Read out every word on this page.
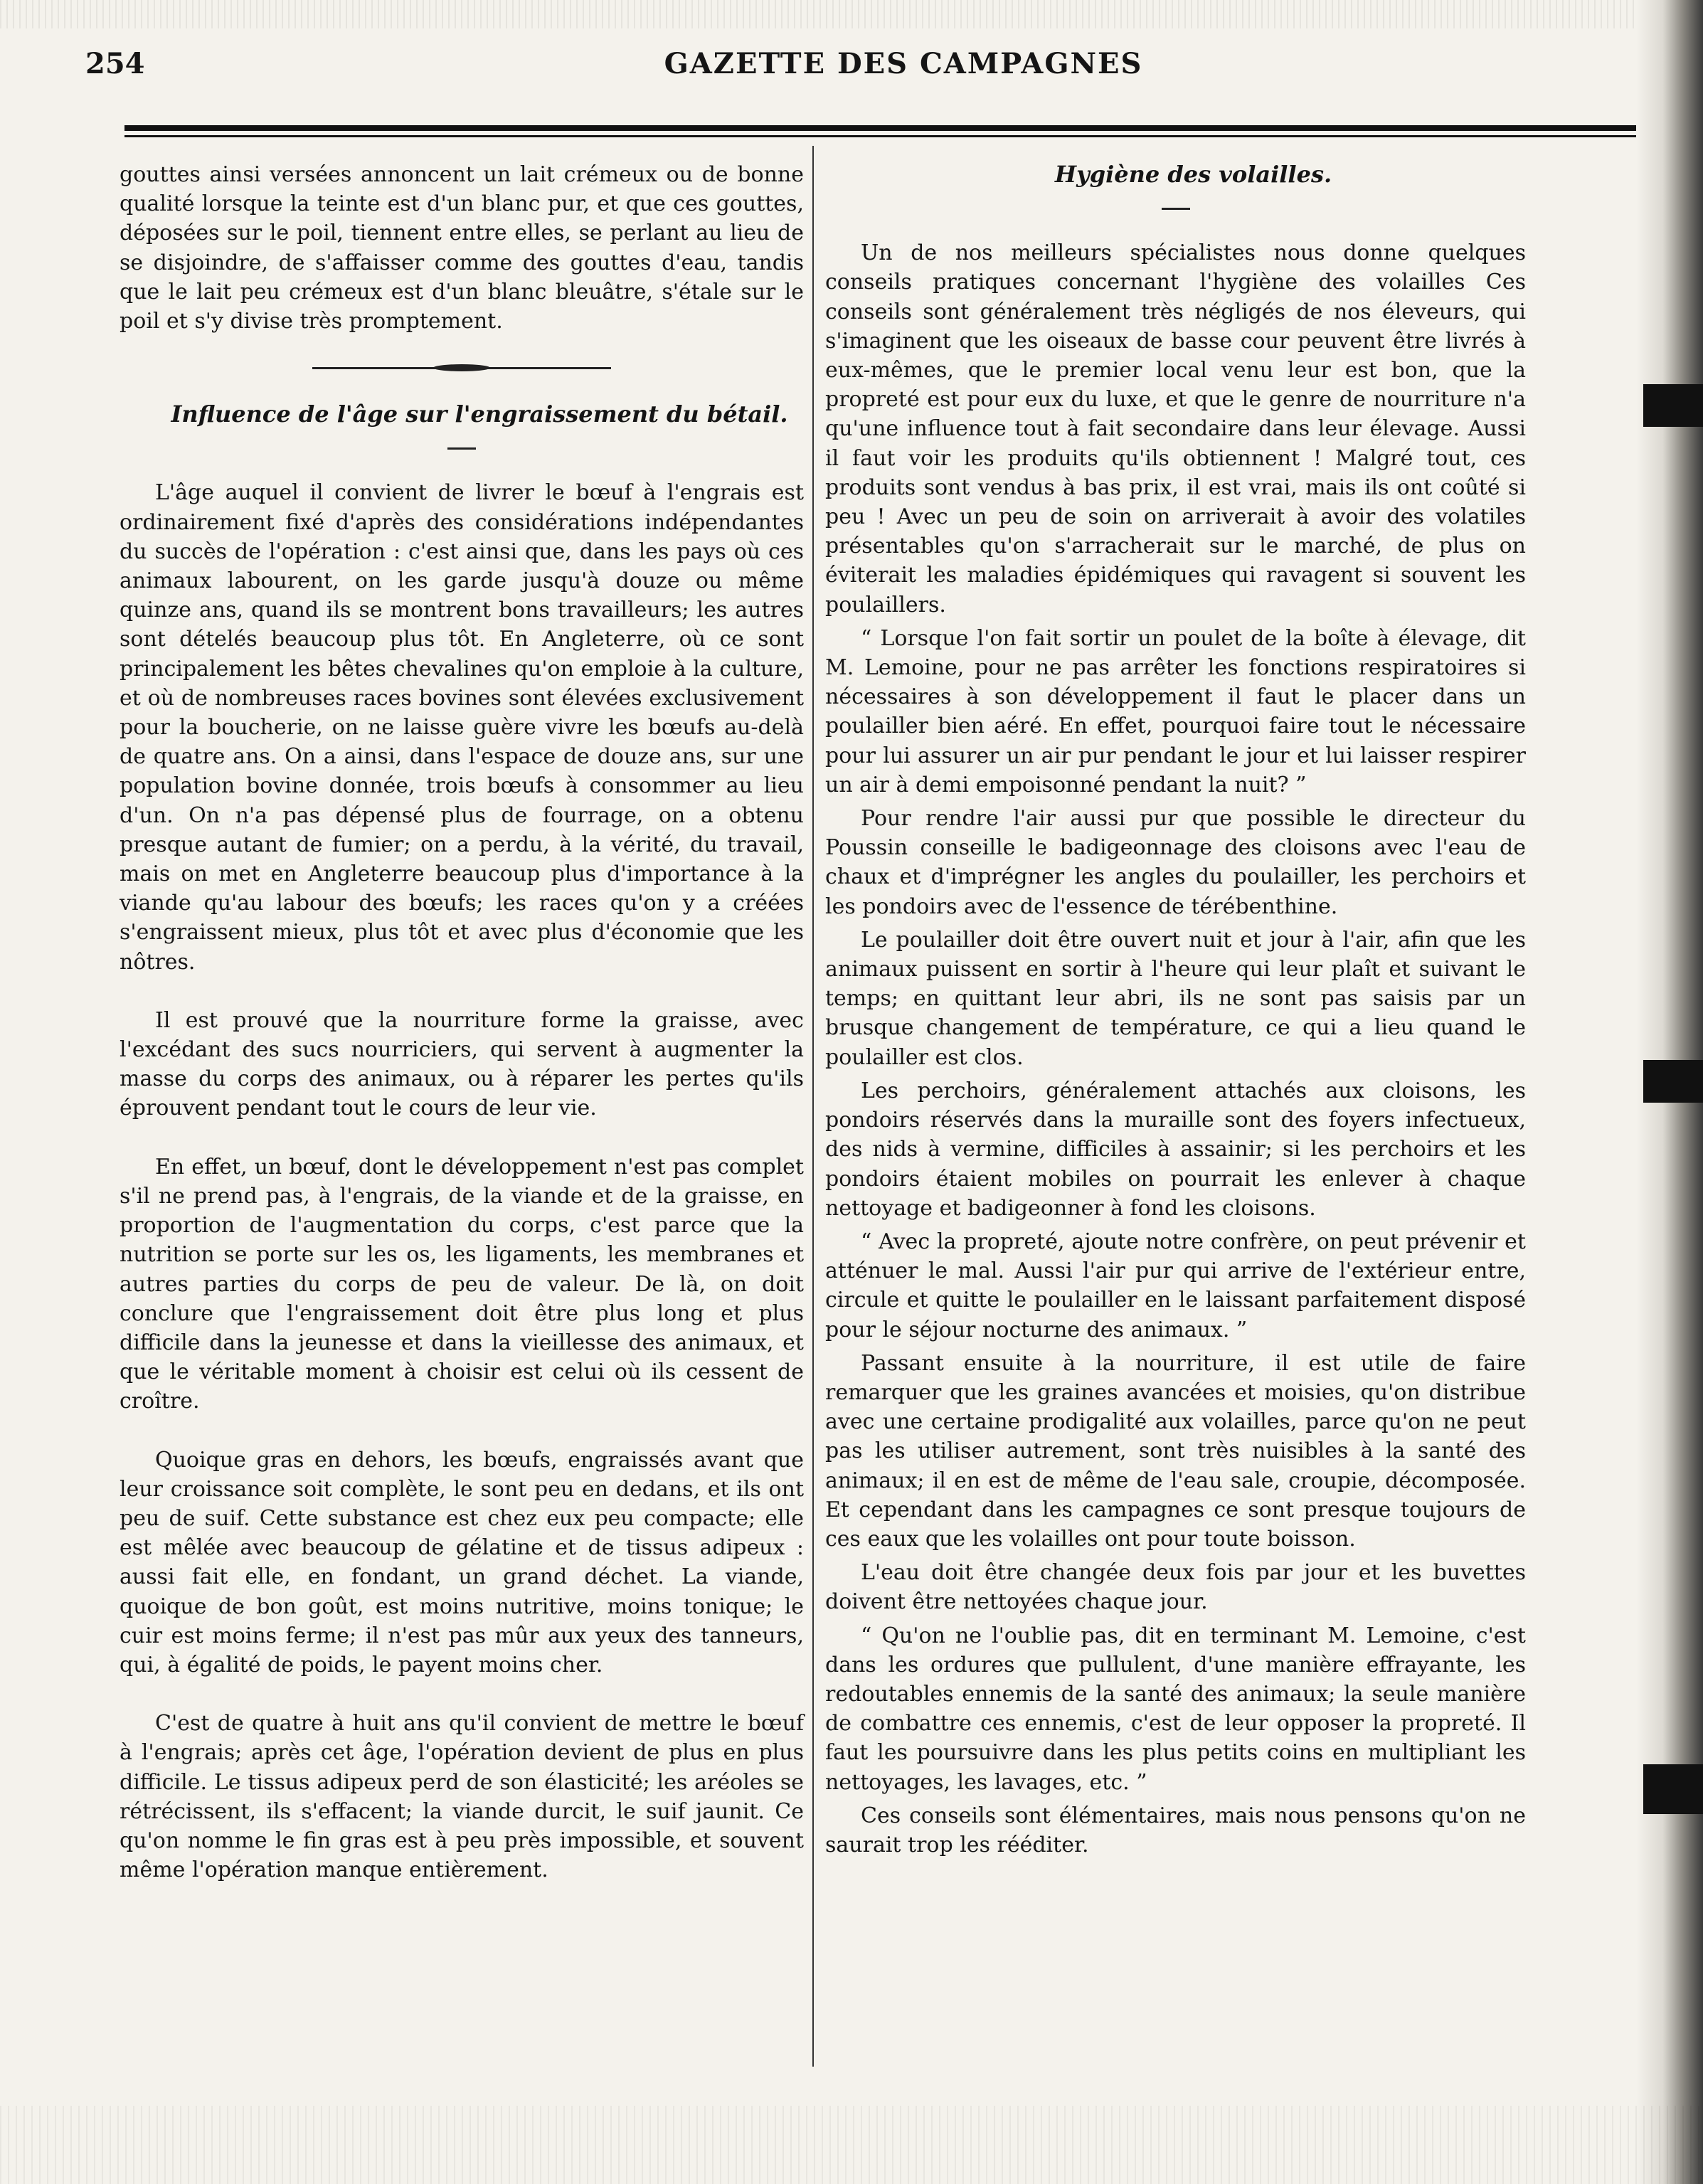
254	GAZETTE DES CAMPAGNES

gouttes ainsi versées annoncent un lait crémeux ou de bonne qualité lorsque la teinte est d'un blanc pur, et que ces gouttes, déposées sur le poil, tiennent entre elles, se perlant au lieu de se disjoindre, de s'affaisser comme des gouttes d'eau, tandis que le lait peu crémeux est d'un blanc bleuâtre, s'étale sur le poil et s'y divise très promptement.

Influence de l'âge sur l'engraissement du bétail.

L'âge auquel il convient de livrer le bœuf à l'engrais est ordinairement fixé d'après des considérations indépendantes du succès de l'opération : c'est ainsi que, dans les pays où ces animaux labourent, on les garde jusqu'à douze ou même quinze ans, quand ils se montrent bons travailleurs; les autres sont dételés beaucoup plus tôt. En Angleterre, où ce sont principalement les bêtes chevalines qu'on emploie à la culture, et où de nombreuses races bovines sont élevées exclusivement pour la boucherie, on ne laisse guère vivre les bœufs au-delà de quatre ans. On a ainsi, dans l'espace de douze ans, sur une population bovine donnée, trois bœufs à consommer au lieu d'un. On n'a pas dépensé plus de fourrage, on a obtenu presque autant de fumier; on a perdu, à la vérité, du travail, mais on met en Angleterre beaucoup plus d'importance à la viande qu'au labour des bœufs; les races qu'on y a créées s'engraissent mieux, plus tôt et avec plus d'économie que les nôtres.

Il est prouvé que la nourriture forme la graisse, avec l'excédant des sucs nourriciers, qui servent à augmenter la masse du corps des animaux, ou à réparer les pertes qu'ils éprouvent pendant tout le cours de leur vie.

En effet, un bœuf, dont le développement n'est pas complet s'il ne prend pas, à l'engrais, de la viande et de la graisse, en proportion de l'augmentation du corps, c'est parce que la nutrition se porte sur les os, les ligaments, les membranes et autres parties du corps de peu de valeur. De là, on doit conclure que l'engraissement doit être plus long et plus difficile dans la jeunesse et dans la vieillesse des animaux, et que le véritable moment à choisir est celui où ils cessent de croître.

Quoique gras en dehors, les bœufs, engraissés avant que leur croissance soit complète, le sont peu en dedans, et ils ont peu de suif. Cette substance est chez eux peu compacte; elle est mêlée avec beaucoup de gélatine et de tissus adipeux : aussi fait elle, en fondant, un grand déchet. La viande, quoique de bon goût, est moins nutritive, moins tonique; le cuir est moins ferme; il n'est pas mûr aux yeux des tanneurs, qui, à égalité de poids, le payent moins cher.

C'est de quatre à huit ans qu'il convient de mettre le bœuf à l'engrais; après cet âge, l'opération devient de plus en plus difficile. Le tissus adipeux perd de son élasticité; les aréoles se rétrécissent, ils s'effacent; la viande durcit, le suif jaunit. Ce qu'on nomme le fin gras est à peu près impossible, et souvent même l'opération manque entièrement.

Hygiène des volailles.

Un de nos meilleurs spécialistes nous donne quelques conseils pratiques concernant l'hygiène des volailles Ces conseils sont généralement très négligés de nos éleveurs, qui s'imaginent que les oiseaux de basse cour peuvent être livrés à eux-mêmes, que le premier local venu leur est bon, que la propreté est pour eux du luxe, et que le genre de nourriture n'a qu'une influence tout à fait secondaire dans leur élevage. Aussi il faut voir les produits qu'ils obtiennent ! Malgré tout, ces produits sont vendus à bas prix, il est vrai, mais ils ont coûté si peu ! Avec un peu de soin on arriverait à avoir des volatiles présentables qu'on s'arracherait sur le marché, de plus on éviterait les maladies épidémiques qui ravagent si souvent les poulaillers.

“ Lorsque l'on fait sortir un poulet de la boîte à élevage, dit M. Lemoine, pour ne pas arrêter les fonctions respiratoires si nécessaires à son développement il faut le placer dans un poulailler bien aéré. En effet, pourquoi faire tout le nécessaire pour lui assurer un air pur pendant le jour et lui laisser respirer un air à demi empoisonné pendant la nuit? ”

Pour rendre l'air aussi pur que possible le directeur du Poussin conseille le badigeonnage des cloisons avec l'eau de chaux et d'imprégner les angles du poulailler, les perchoirs et les pondoirs avec de l'essence de térébenthine.

Le poulailler doit être ouvert nuit et jour à l'air, afin que les animaux puissent en sortir à l'heure qui leur plaît et suivant le temps; en quittant leur abri, ils ne sont pas saisis par un brusque changement de température, ce qui a lieu quand le poulailler est clos.

Les perchoirs, généralement attachés aux cloisons, les pondoirs réservés dans la muraille sont des foyers infectueux, des nids à vermine, difficiles à assainir; si les perchoirs et les pondoirs étaient mobiles on pourrait les enlever à chaque nettoyage et badigeonner à fond les cloisons.

“ Avec la propreté, ajoute notre confrère, on peut prévenir et atténuer le mal. Aussi l'air pur qui arrive de l'extérieur entre, circule et quitte le poulailler en le laissant parfaitement disposé pour le séjour nocturne des animaux. ”

Passant ensuite à la nourriture, il est utile de faire remarquer que les graines avancées et moisies, qu'on distribue avec une certaine prodigalité aux volailles, parce qu'on ne peut pas les utiliser autrement, sont très nuisibles à la santé des animaux; il en est de même de l'eau sale, croupie, décomposée. Et cependant dans les campagnes ce sont presque toujours de ces eaux que les volailles ont pour toute boisson.

L'eau doit être changée deux fois par jour et les buvettes doivent être nettoyées chaque jour.

“ Qu'on ne l'oublie pas, dit en terminant M. Lemoine, c'est dans les ordures que pullulent, d'une manière effrayante, les redoutables ennemis de la santé des animaux; la seule manière de combattre ces ennemis, c'est de leur opposer la propreté. Il faut les poursuivre dans les plus petits coins en multipliant les nettoyages, les lavages, etc. ”

Ces conseils sont élémentaires, mais nous pensons qu'on ne saurait trop les rééditer.
